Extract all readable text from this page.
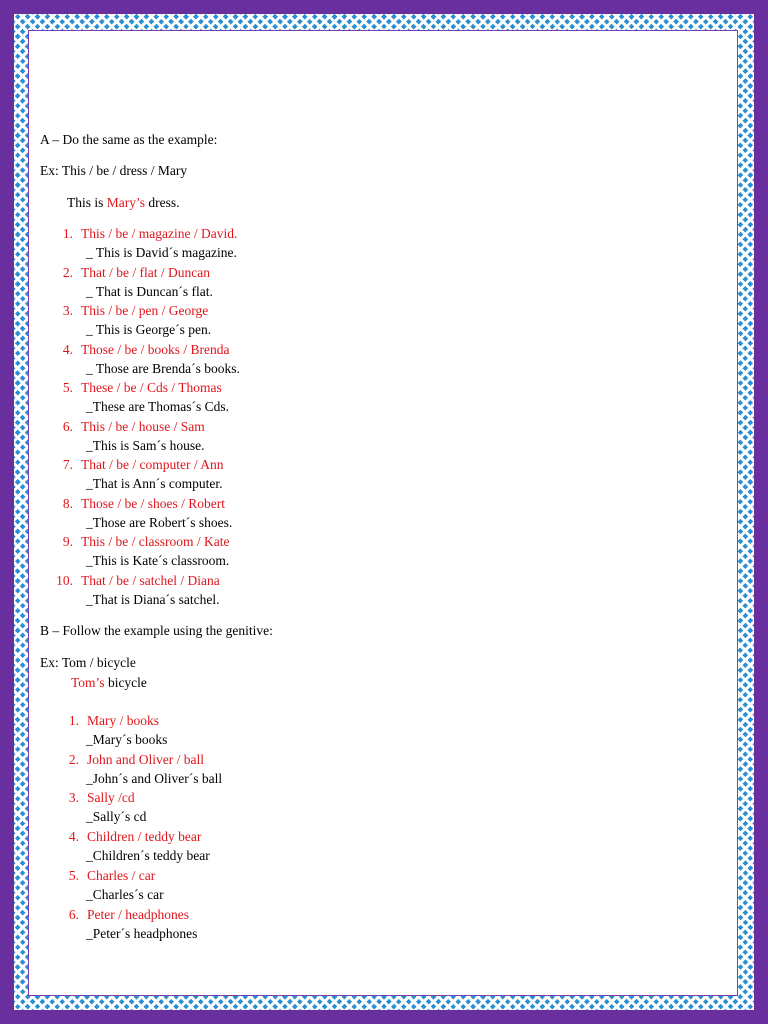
A – Do the same as the example:
Ex: This / be / dress / Mary
This is Mary’s dress.
1. This / be / magazine / David.
_ This is David´s magazine.
2. That / be / flat / Duncan
_ That is Duncan´s flat.
3. This / be / pen / George
_ This is George´s pen.
4. Those / be / books / Brenda
_ Those are Brenda´s books.
5. These / be / Cds / Thomas
_These are Thomas´s Cds.
6. This / be / house / Sam
_This is Sam´s house.
7. That / be / computer / Ann
_That is Ann´s computer.
8. Those / be / shoes / Robert
_Those are Robert´s shoes.
9. This / be / classroom / Kate
_This is Kate´s classroom.
10. That / be / satchel / Diana
_That is Diana´s satchel.
B – Follow the example using the genitive:
Ex: Tom / bicycle
Tom’s bicycle
1. Mary / books
_Mary´s books
2. John and Oliver / ball
_John´s and Oliver´s ball
3. Sally /cd
_Sally´s cd
4. Children / teddy bear
_Children´s teddy bear
5. Charles / car
_Charles´s car
6. Peter / headphones
_Peter´s headphones
